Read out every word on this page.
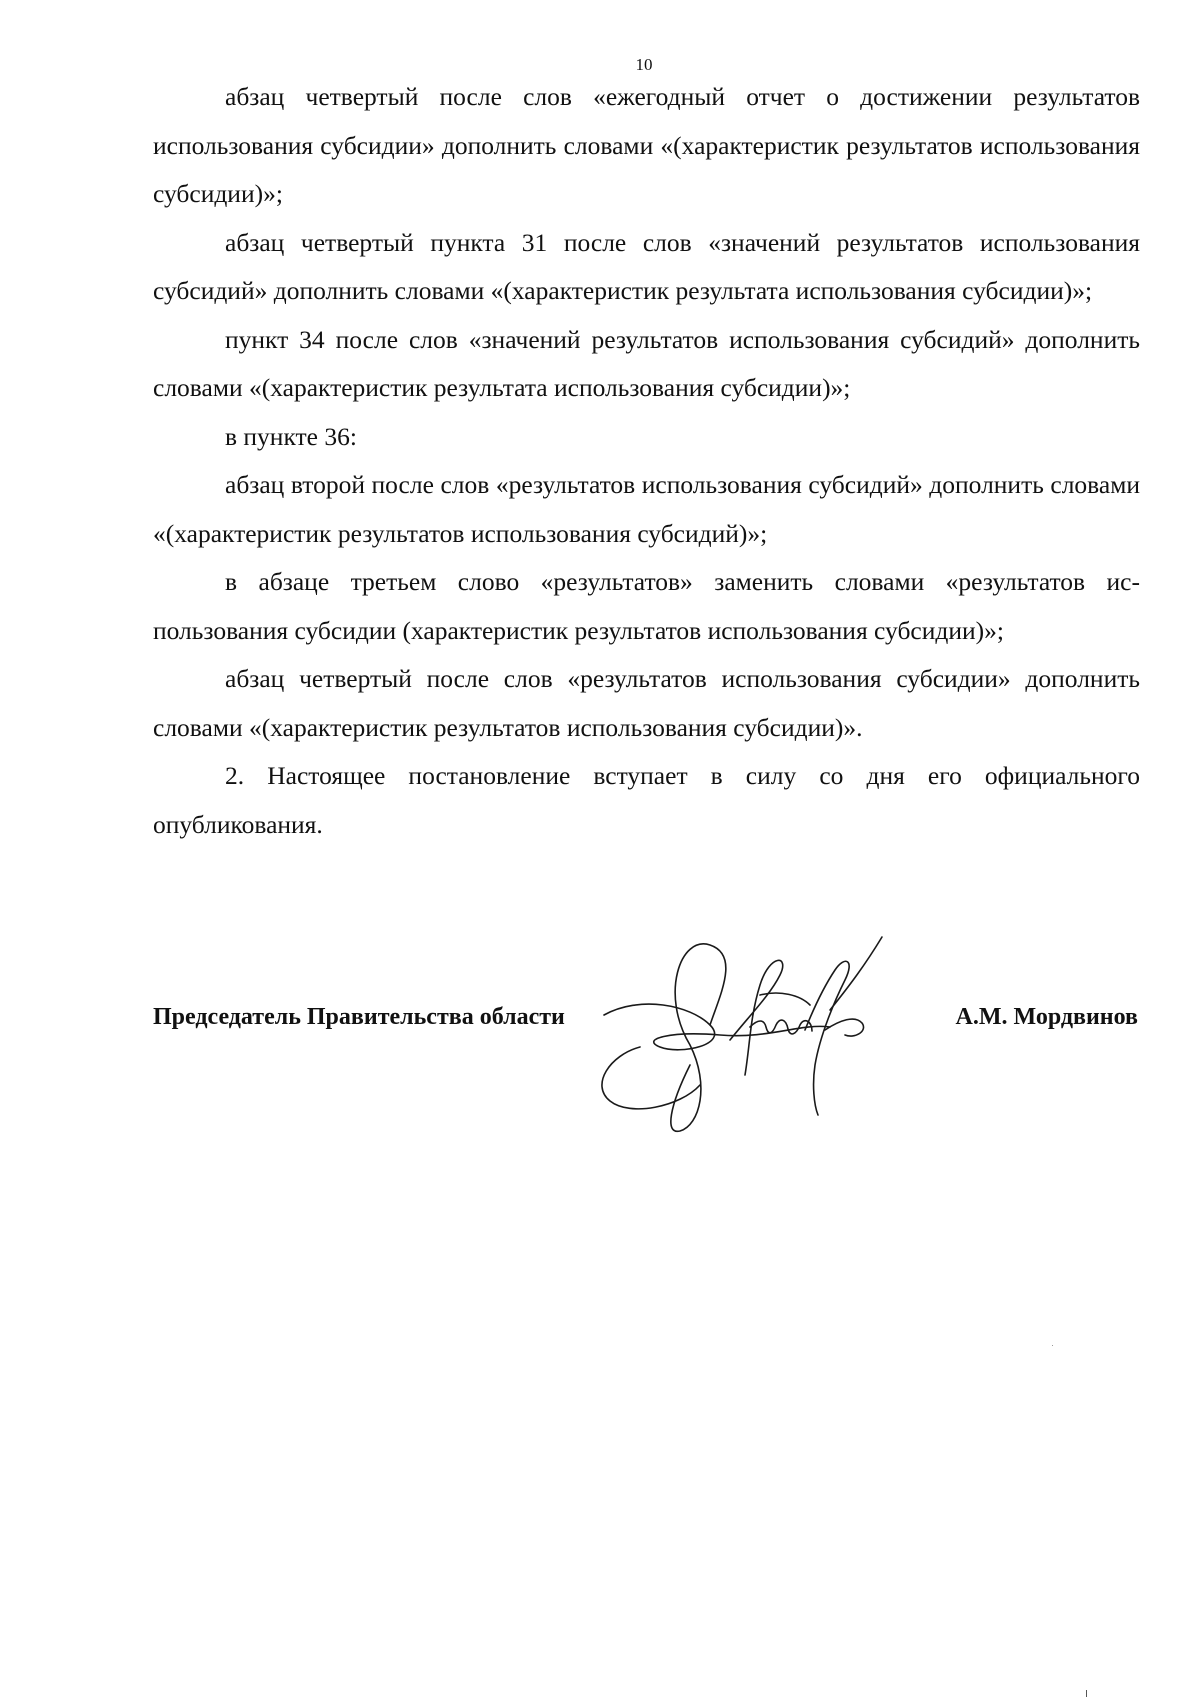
10

абзац четвертый после слов «ежегодный отчет о достижении результатов использования субсидии» дополнить словами «(характеристик результатов использования субсидии)»;

абзац четвертый пункта 31 после слов «значений результатов использования субсидий» дополнить словами «(характеристик результата использования субсидии)»;

пункт 34 после слов «значений результатов использования субсидий» дополнить словами «(характеристик результата использования субсидии)»;

в пункте 36:

абзац второй после слов «результатов использования субсидий» дополнить словами «(характеристик результатов использования субсидий)»;

в абзаце третьем слово «результатов» заменить словами «результатов использования субсидии (характеристик результатов использования субсидии)»;

абзац четвертый после слов «результатов использования субсидии» дополнить словами «(характеристик результатов использования субсидии)».

2. Настоящее постановление вступает в силу со дня его официального опубликования.

Председатель Правительства области	А.М. Мордвинов
